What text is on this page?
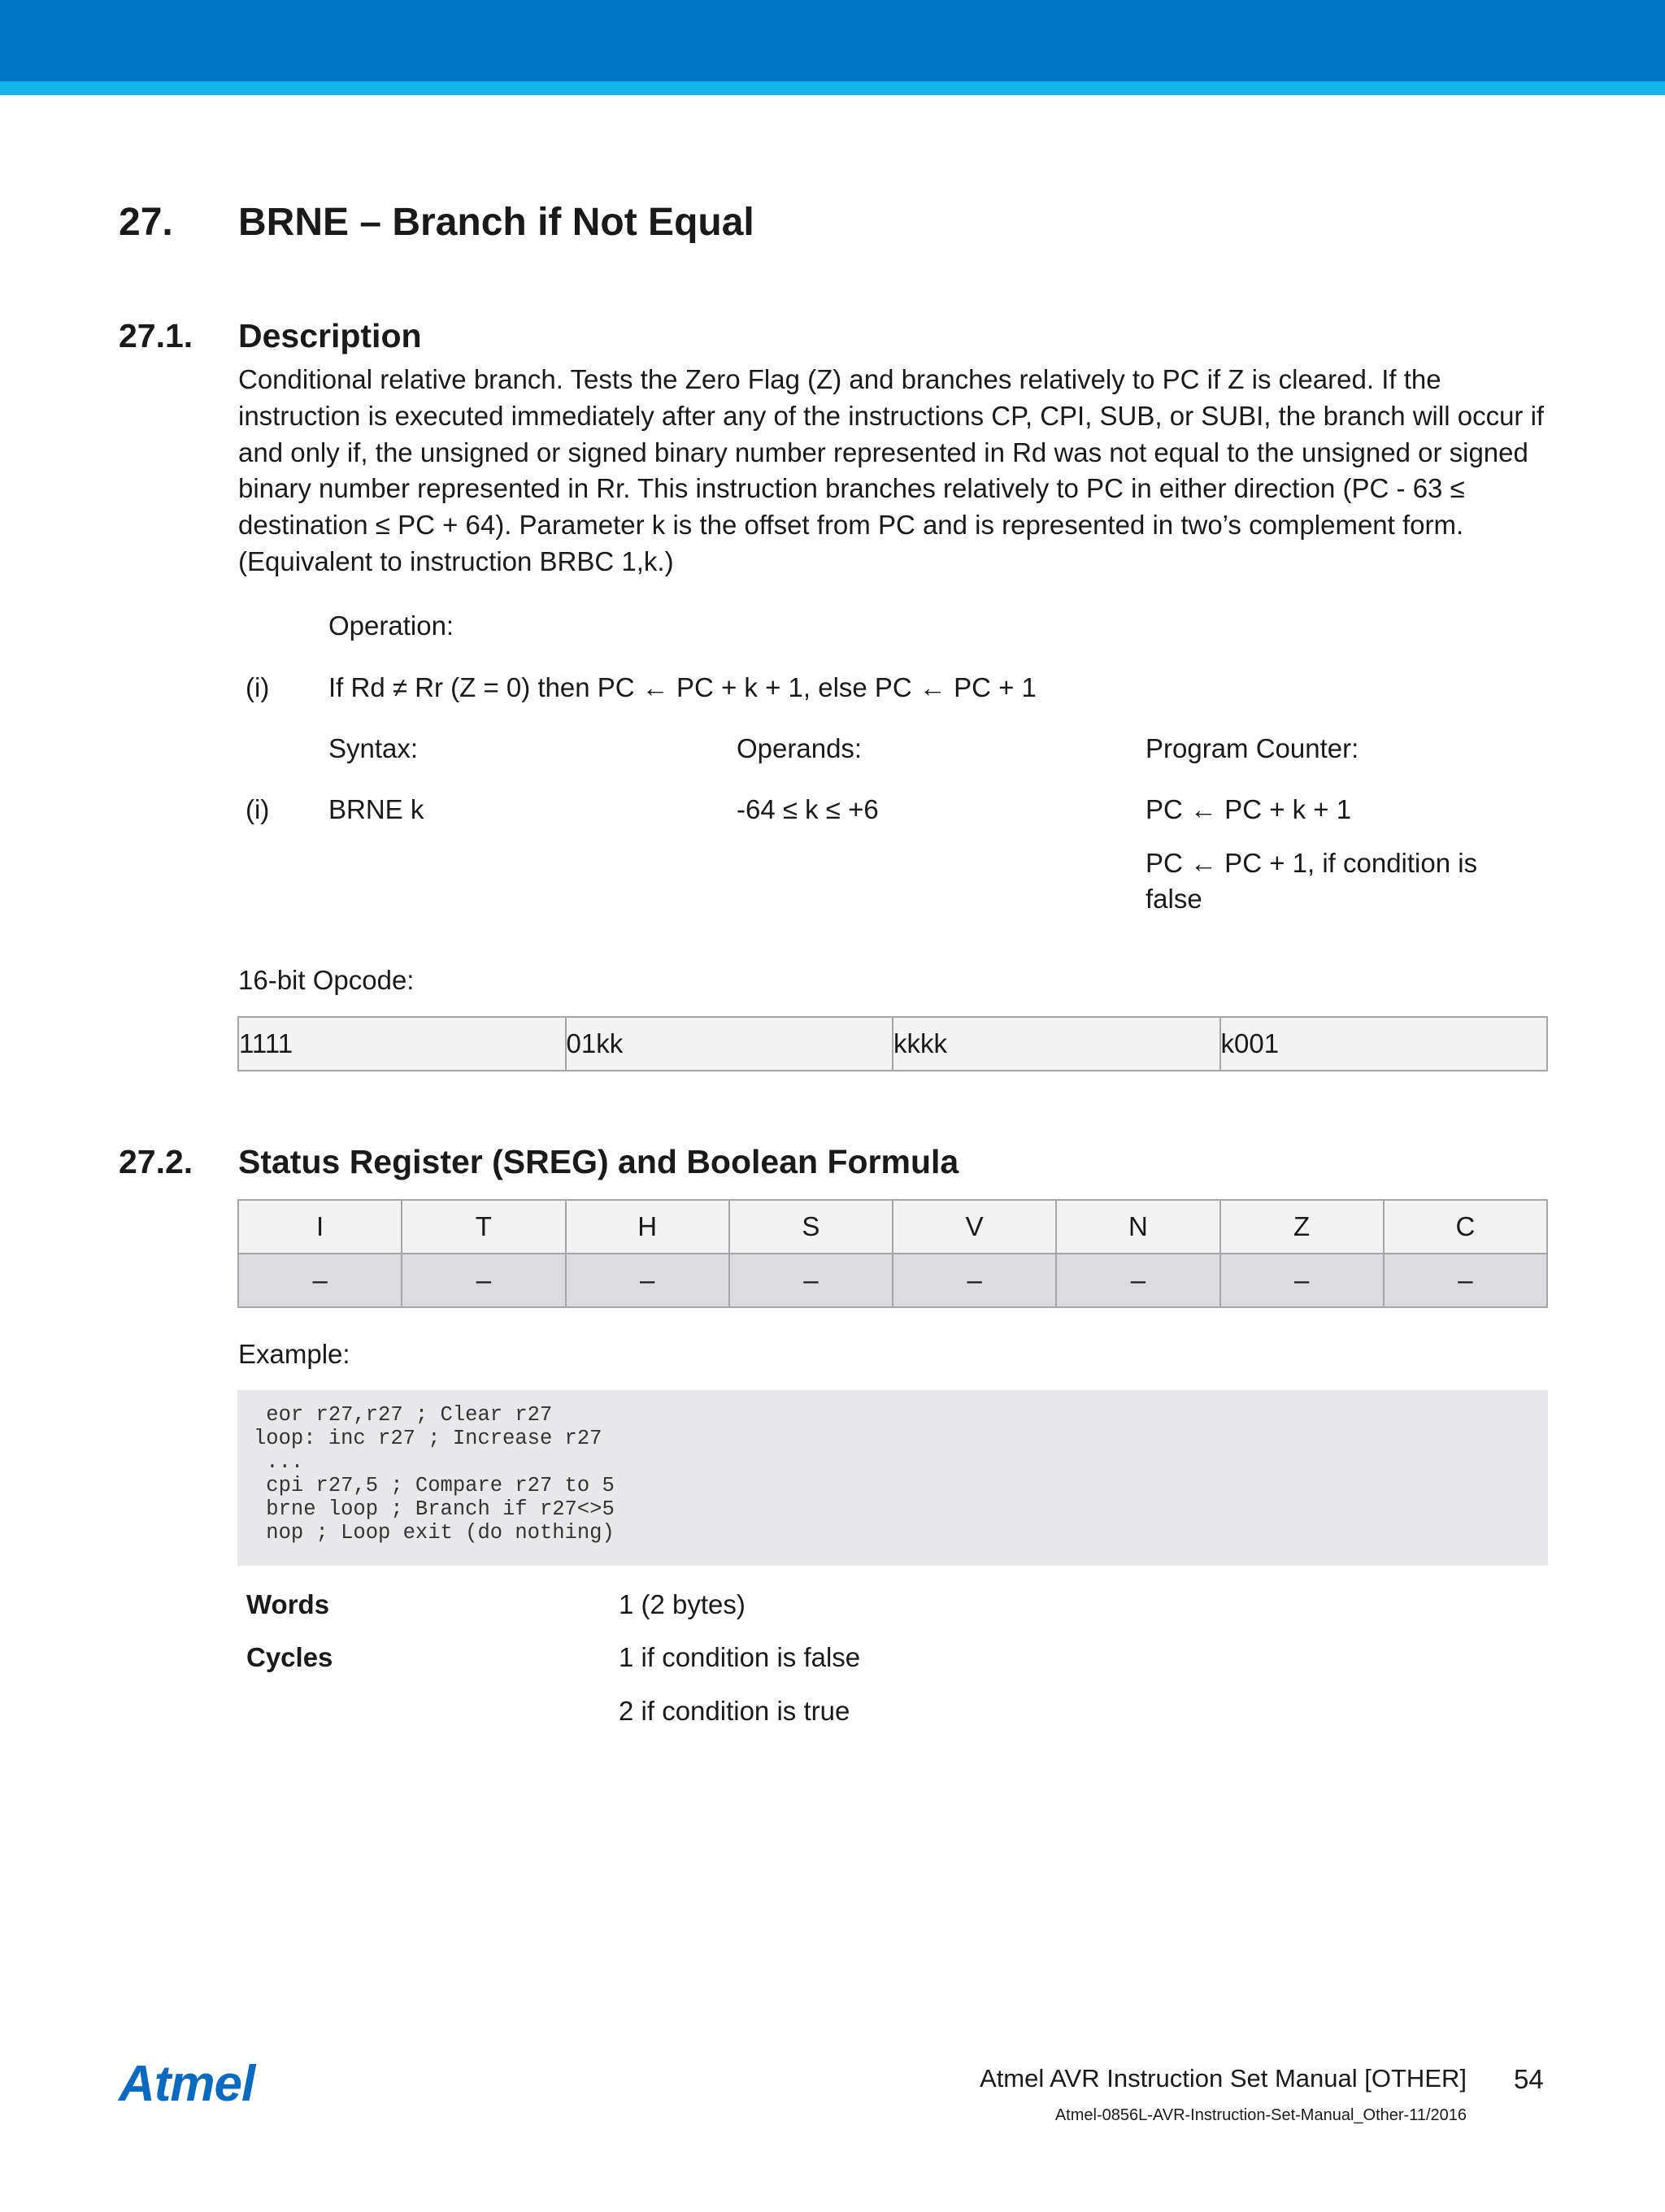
27. BRNE – Branch if Not Equal
27.1. Description
Conditional relative branch. Tests the Zero Flag (Z) and branches relatively to PC if Z is cleared. If the instruction is executed immediately after any of the instructions CP, CPI, SUB, or SUBI, the branch will occur if and only if, the unsigned or signed binary number represented in Rd was not equal to the unsigned or signed binary number represented in Rr. This instruction branches relatively to PC in either direction (PC - 63 ≤ destination ≤ PC + 64). Parameter k is the offset from PC and is represented in two’s complement form. (Equivalent to instruction BRBC 1,k.)
Operation:
(i) If Rd ≠ Rr (Z = 0) then PC ← PC + k + 1, else PC ← PC + 1
Syntax:	Operands:	Program Counter:
(i) BRNE k	-64 ≤ k ≤ +6	PC ← PC + k + 1
PC ← PC + 1, if condition is
false
16-bit Opcode:
1111	01kk	kkkk	k001
27.2. Status Register (SREG) and Boolean Formula
I	T	H	S	V	N	Z	C
–	–	–	–	–	–	–	–
Example:
eor r27,r27 ; Clear r27
loop: inc r27 ; Increase r27
...
cpi r27,5 ; Compare r27 to 5
brne loop ; Branch if r27<>5
nop ; Loop exit (do nothing)
Words	1 (2 bytes)
Cycles	1 if condition is false
2 if condition is true
Atmel	Atmel AVR Instruction Set Manual [OTHER] 54
Atmel-0856L-AVR-Instruction-Set-Manual_Other-11/2016
